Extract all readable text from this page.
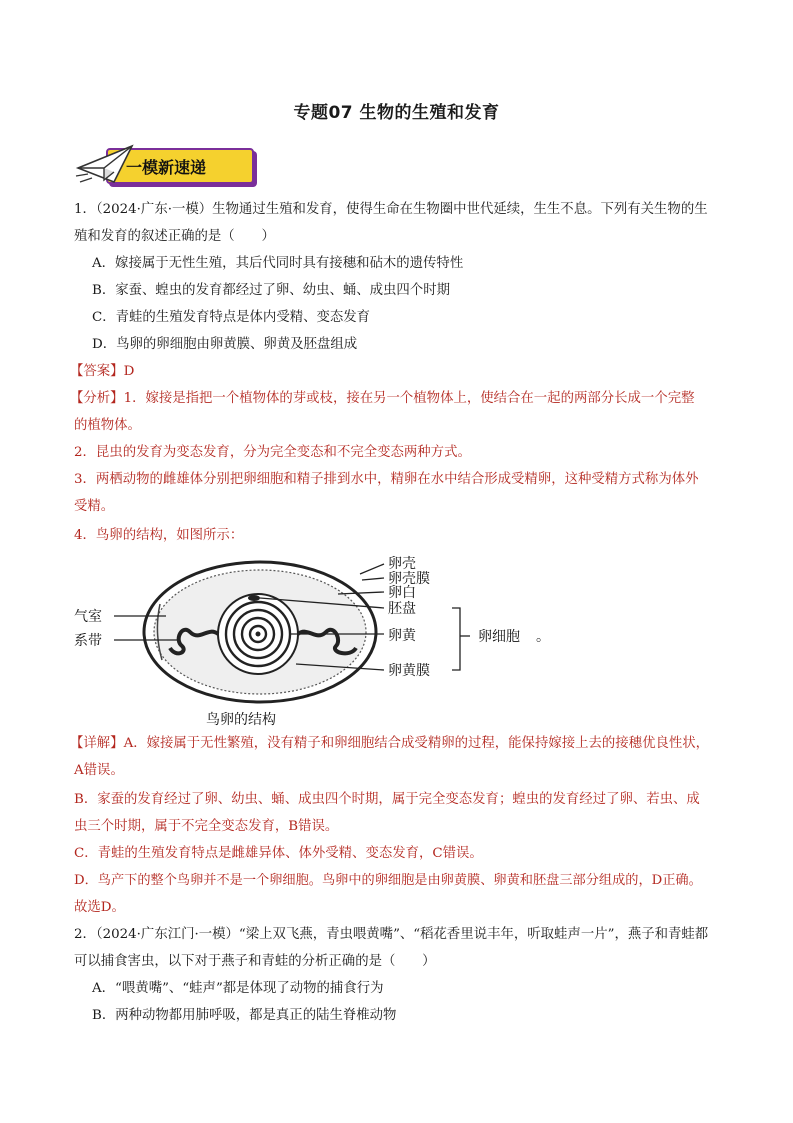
专题07 生物的生殖和发育
一模新速递

1．（2024·广东·一模）生物通过生殖和发育，使得生命在生物圈中世代延续，生生不息。下列有关生物的生

殖和发育的叙述正确的是（　　）

A．嫁接属于无性生殖，其后代同时具有接穗和砧木的遗传特性

B．家蚕、蝗虫的发育都经过了卵、幼虫、蛹、成虫四个时期

C．青蛙的生殖发育特点是体内受精、变态发育

D．鸟卵的卵细胞由卵黄膜、卵黄及胚盘组成

【答案】D

【分析】1．嫁接是指把一个植物体的芽或枝，接在另一个植物体上，使结合在一起的两部分长成一个完整

的植物体。

2．昆虫的发育为变态发育，分为完全变态和不完全变态两种方式。

3．两栖动物的雌雄体分别把卵细胞和精子排到水中，精卵在水中结合形成受精卵，这种受精方式称为体外

受精。

4．鸟卵的结构，如图所示：

卵壳
卵壳膜
卵白
胚盘
卵黄
卵黄膜
气室
系带	卵细胞 。
鸟卵的结构

【详解】A．嫁接属于无性繁殖，没有精子和卵细胞结合成受精卵的过程，能保持嫁接上去的接穗优良性状，

A错误。

B．家蚕的发育经过了卵、幼虫、蛹、成虫四个时期，属于完全变态发育；蝗虫的发育经过了卵、若虫、成

虫三个时期，属于不完全变态发育，B错误。

C．青蛙的生殖发育特点是雌雄异体、体外受精、变态发育，C错误。

D．鸟产下的整个鸟卵并不是一个卵细胞。鸟卵中的卵细胞是由卵黄膜、卵黄和胚盘三部分组成的，D正确。

故选D。

2．（2024·广东江门·一模）“梁上双飞燕，青虫喂黄嘴”、“稻花香里说丰年，听取蛙声一片”，燕子和青蛙都

可以捕食害虫，以下对于燕子和青蛙的分析正确的是（　　）

A．“喂黄嘴”、“蛙声”都是体现了动物的捕食行为

B．两种动物都用肺呼吸，都是真正的陆生脊椎动物
